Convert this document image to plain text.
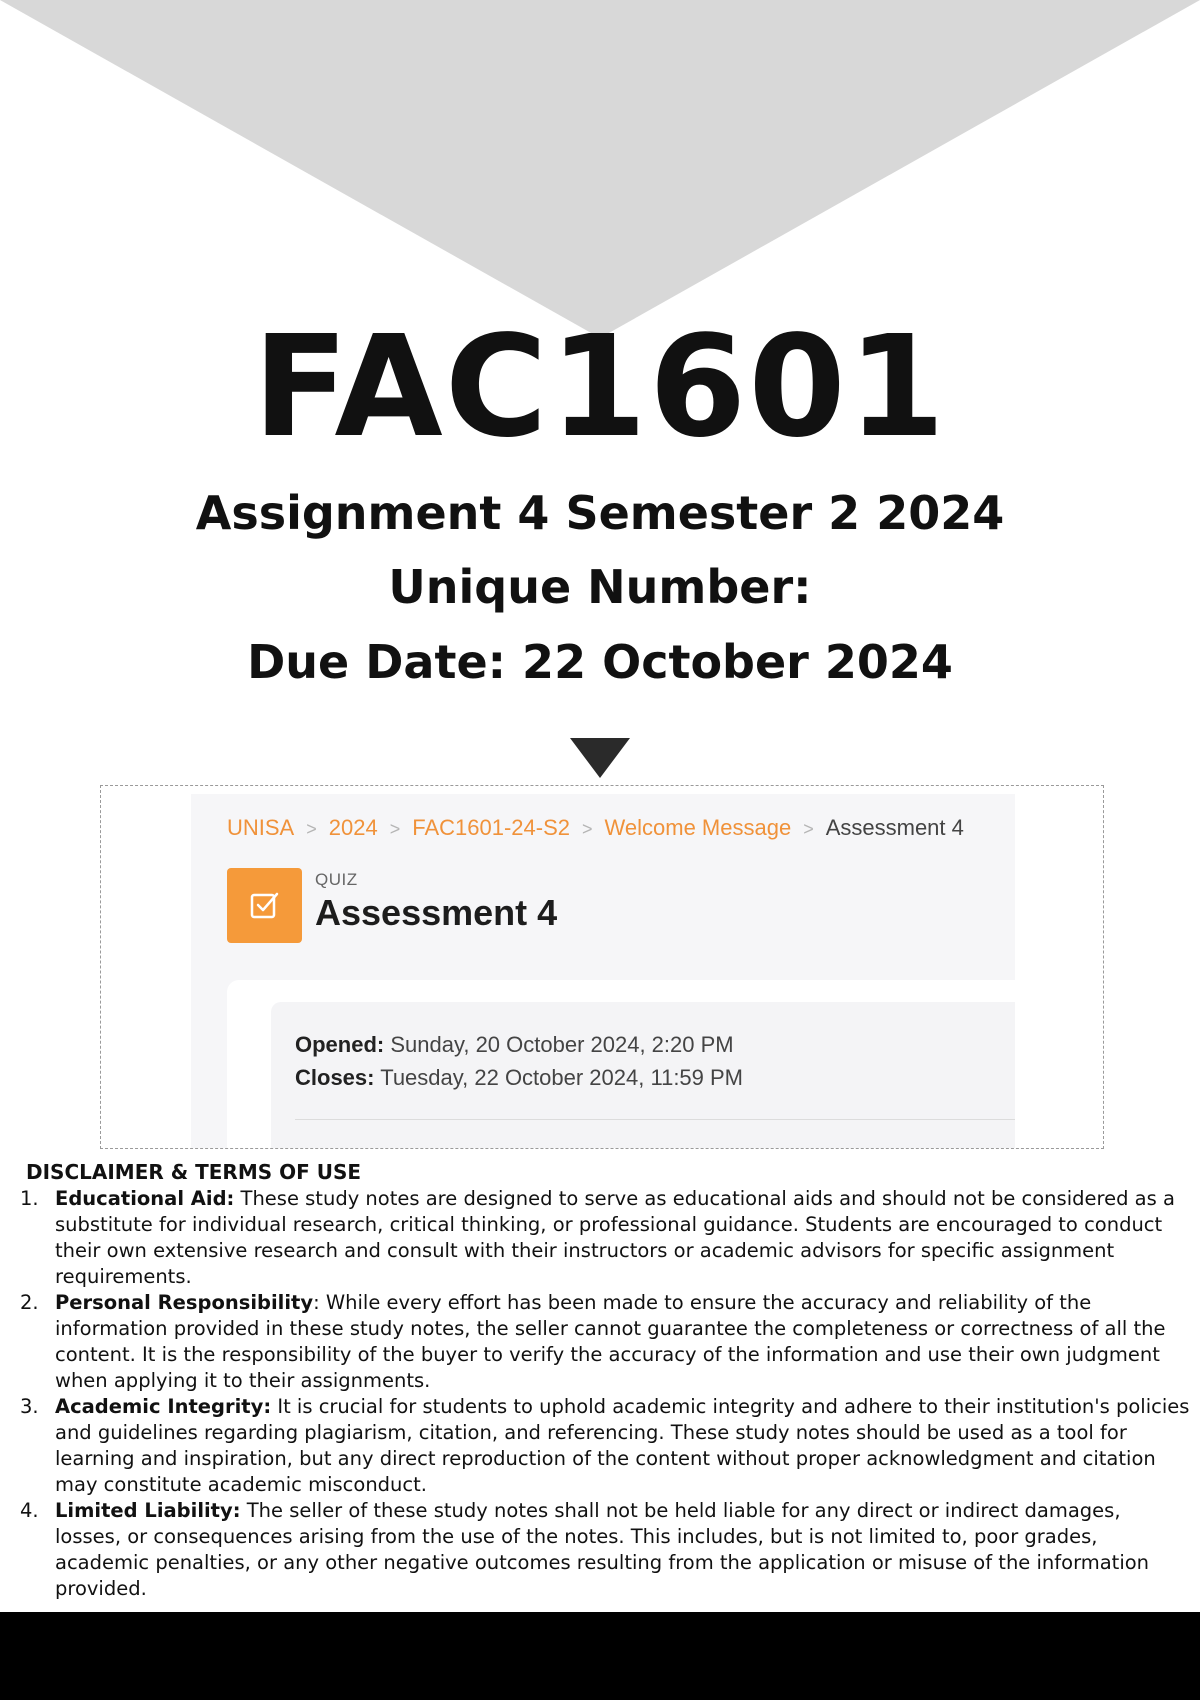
FAC1601
Assignment 4 Semester 2 2024
Unique Number:
Due Date: 22 October 2024
UNISA > 2024 > FAC1601-24-S2 > Welcome Message > Assessment 4
QUIZ
Assessment 4
Opened: Sunday, 20 October 2024, 2:20 PM
Closes: Tuesday, 22 October 2024, 11:59 PM
DISCLAIMER & TERMS OF USE
1. Educational Aid: These study notes are designed to serve as educational aids and should not be considered as a substitute for individual research, critical thinking, or professional guidance. Students are encouraged to conduct their own extensive research and consult with their instructors or academic advisors for specific assignment requirements.
2. Personal Responsibility: While every effort has been made to ensure the accuracy and reliability of the information provided in these study notes, the seller cannot guarantee the completeness or correctness of all the content. It is the responsibility of the buyer to verify the accuracy of the information and use their own judgment when applying it to their assignments.
3. Academic Integrity: It is crucial for students to uphold academic integrity and adhere to their institution's policies and guidelines regarding plagiarism, citation, and referencing. These study notes should be used as a tool for learning and inspiration, but any direct reproduction of the content without proper acknowledgment and citation may constitute academic misconduct.
4. Limited Liability: The seller of these study notes shall not be held liable for any direct or indirect damages, losses, or consequences arising from the use of the notes. This includes, but is not limited to, poor grades, academic penalties, or any other negative outcomes resulting from the application or misuse of the information provided.
